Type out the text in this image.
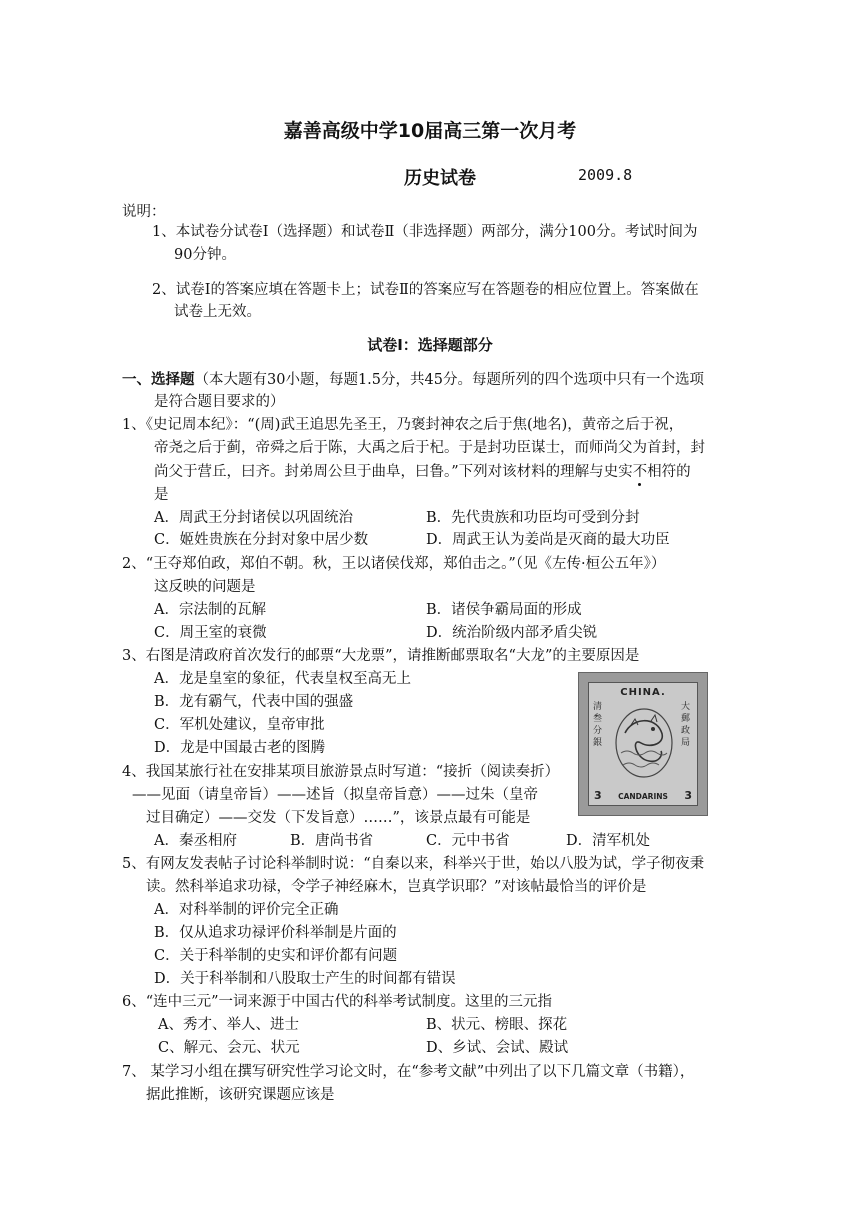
嘉善高级中学10届高三第一次月考
历史试卷	2009.8
说明：
1、本试卷分试卷Ⅰ（选择题）和试卷Ⅱ（非选择题）两部分，满分100分。考试时间为
90分钟。
2、试卷Ⅰ的答案应填在答题卡上；试卷Ⅱ的答案应写在答题卷的相应位置上。答案做在
试卷上无效。
试卷Ⅰ：选择题部分
一、选择题（本大题有30小题，每题1.5分，共45分。每题所列的四个选项中只有一个选项
是符合题目要求的）
1、《史记周本纪》：“(周)武王追思先圣王，乃褒封神农之后于焦(地名)，黄帝之后于祝，
帝尧之后于蓟，帝舜之后于陈，大禹之后于杞。于是封功臣谋士，而师尚父为首封，封
尚父于营丘，曰齐。封弟周公旦于曲阜，曰鲁。”下列对该材料的理解与史实不相符的
是
A．周武王分封诸侯以巩固统治	B．先代贵族和功臣均可受到分封
C．姬姓贵族在分封对象中居少数	D．周武王认为姜尚是灭商的最大功臣
2、“王夺郑伯政，郑伯不朝。秋，王以诸侯伐郑，郑伯击之。”（见《左传·桓公五年》）
这反映的问题是
A．宗法制的瓦解	B．诸侯争霸局面的形成
C．周王室的衰微	D．统治阶级内部矛盾尖锐
3、右图是清政府首次发行的邮票“大龙票”，请推断邮票取名“大龙”的主要原因是
A．龙是皇室的象征，代表皇权至高无上
B．龙有霸气，代表中国的强盛
C．军机处建议，皇帝审批
D．龙是中国最古老的图腾
CHINA.
清
叁
分
銀
大
郵
政
局
3	3
CANDARINS
4、我国某旅行社在安排某项目旅游景点时写道：“接折（阅读奏折）
——见面（请皇帝旨）——述旨（拟皇帝旨意）——过朱（皇帝
过目确定）——交发（下发旨意）……”，该景点最有可能是
A．秦丞相府	B．唐尚书省	C．元中书省	D．清军机处
5、有网友发表帖子讨论科举制时说：“自秦以来，科举兴于世，始以八股为试，学子彻夜秉
读。然科举追求功禄，令学子神经麻木，岂真学识耶？”对该帖最恰当的评价是
A．对科举制的评价完全正确
B．仅从追求功禄评价科举制是片面的
C．关于科举制的史实和评价都有问题
D．关于科举制和八股取士产生的时间都有错误
6、“连中三元”一词来源于中国古代的科举考试制度。这里的三元指
A、秀才、举人、进士	B、状元、榜眼、探花
C、解元、会元、状元	D、乡试、会试、殿试
7、 某学习小组在撰写研究性学习论文时，在“参考文献”中列出了以下几篇文章（书籍），
据此推断，该研究课题应该是
